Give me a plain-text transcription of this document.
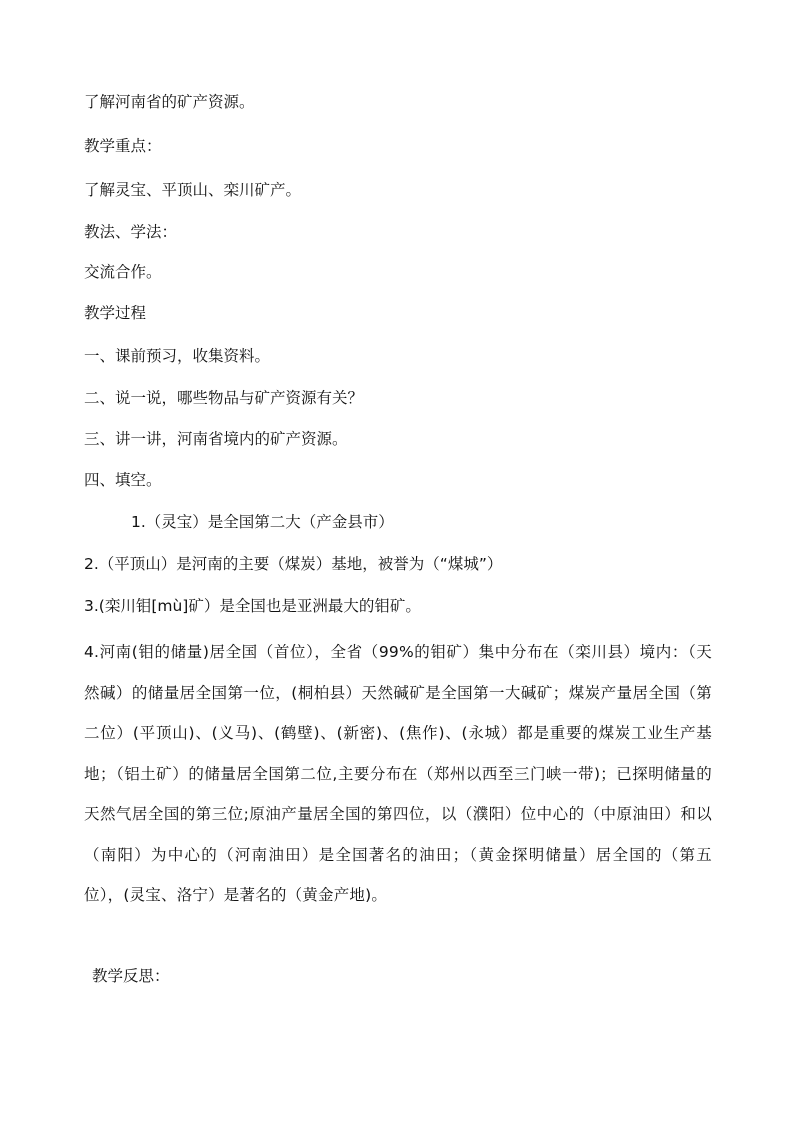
了解河南省的矿产资源。
教学重点：
了解灵宝、平顶山、栾川矿产。
教法、学法：
交流合作。
教学过程
一、课前预习，收集资料。
二、说一说，哪些物品与矿产资源有关？
三、讲一讲，河南省境内的矿产资源。
四、填空。
1.（灵宝）是全国第二大（产金县市）
2.（平顶山）是河南的主要（煤炭）基地，被誉为（“煤城”）
3.(栾川钼[mù]矿）是全国也是亚洲最大的钼矿。
4.河南(钼的储量)居全国（首位），全省（99%的钼矿）集中分布在（栾川县）境内：（天然碱）的储量居全国第一位，(桐柏县）天然碱矿是全国第一大碱矿；煤炭产量居全国（第二位）(平顶山)、(义马)、(鹤壁)、(新密)、(焦作)、(永城）都是重要的煤炭工业生产基地；（铝土矿）的储量居全国第二位,主要分布在（郑州以西至三门峡一带)；已探明储量的天然气居全国的第三位;原油产量居全国的第四位，以（濮阳）位中心的（中原油田）和以（南阳）为中心的（河南油田）是全国著名的油田；（黄金探明储量）居全国的（第五位），(灵宝、洛宁）是著名的（黄金产地)。
教学反思：
